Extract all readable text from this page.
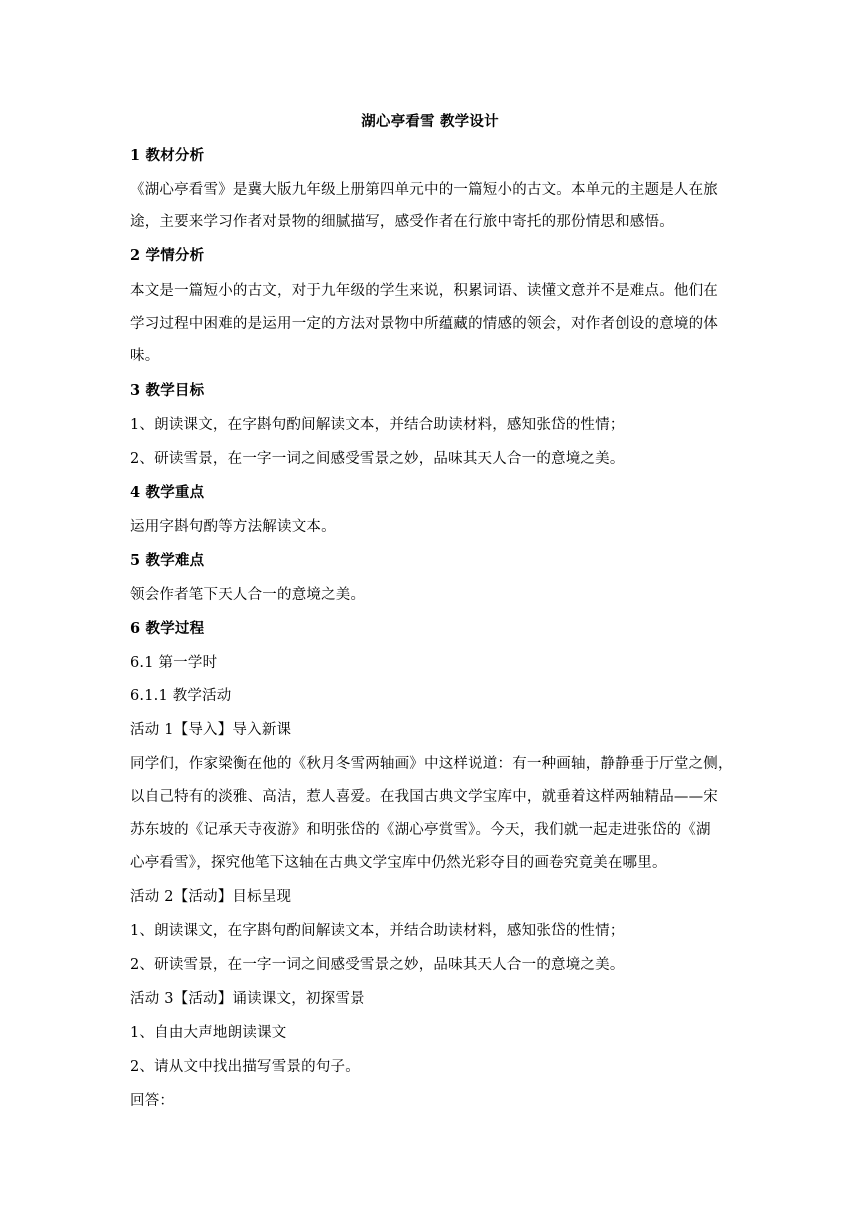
湖心亭看雪 教学设计
1 教材分析
《湖心亭看雪》是冀大版九年级上册第四单元中的一篇短小的古文。本单元的主题是人在旅
途，主要来学习作者对景物的细腻描写，感受作者在行旅中寄托的那份情思和感悟。
2 学情分析
本文是一篇短小的古文，对于九年级的学生来说，积累词语、读懂文意并不是难点。他们在
学习过程中困难的是运用一定的方法对景物中所蕴藏的情感的领会，对作者创设的意境的体
味。
3 教学目标
1、朗读课文，在字斟句酌间解读文本，并结合助读材料，感知张岱的性情；
2、研读雪景，在一字一词之间感受雪景之妙，品味其天人合一的意境之美。
4 教学重点
运用字斟句酌等方法解读文本。
5 教学难点
领会作者笔下天人合一的意境之美。
6 教学过程
6.1 第一学时
6.1.1 教学活动
活动 1【导入】导入新课
同学们，作家梁衡在他的《秋月冬雪两轴画》中这样说道：有一种画轴，静静垂于厅堂之侧，
以自己特有的淡雅、高洁，惹人喜爱。在我国古典文学宝库中，就垂着这样两轴精品——宋
苏东坡的《记承天寺夜游》和明张岱的《湖心亭赏雪》。今天，我们就一起走进张岱的《湖
心亭看雪》，探究他笔下这轴在古典文学宝库中仍然光彩夺目的画卷究竟美在哪里。
活动 2【活动】目标呈现
1、朗读课文，在字斟句酌间解读文本，并结合助读材料，感知张岱的性情；
2、研读雪景，在一字一词之间感受雪景之妙，品味其天人合一的意境之美。
活动 3【活动】诵读课文，初探雪景
1、自由大声地朗读课文
2、请从文中找出描写雪景的句子。
回答：
